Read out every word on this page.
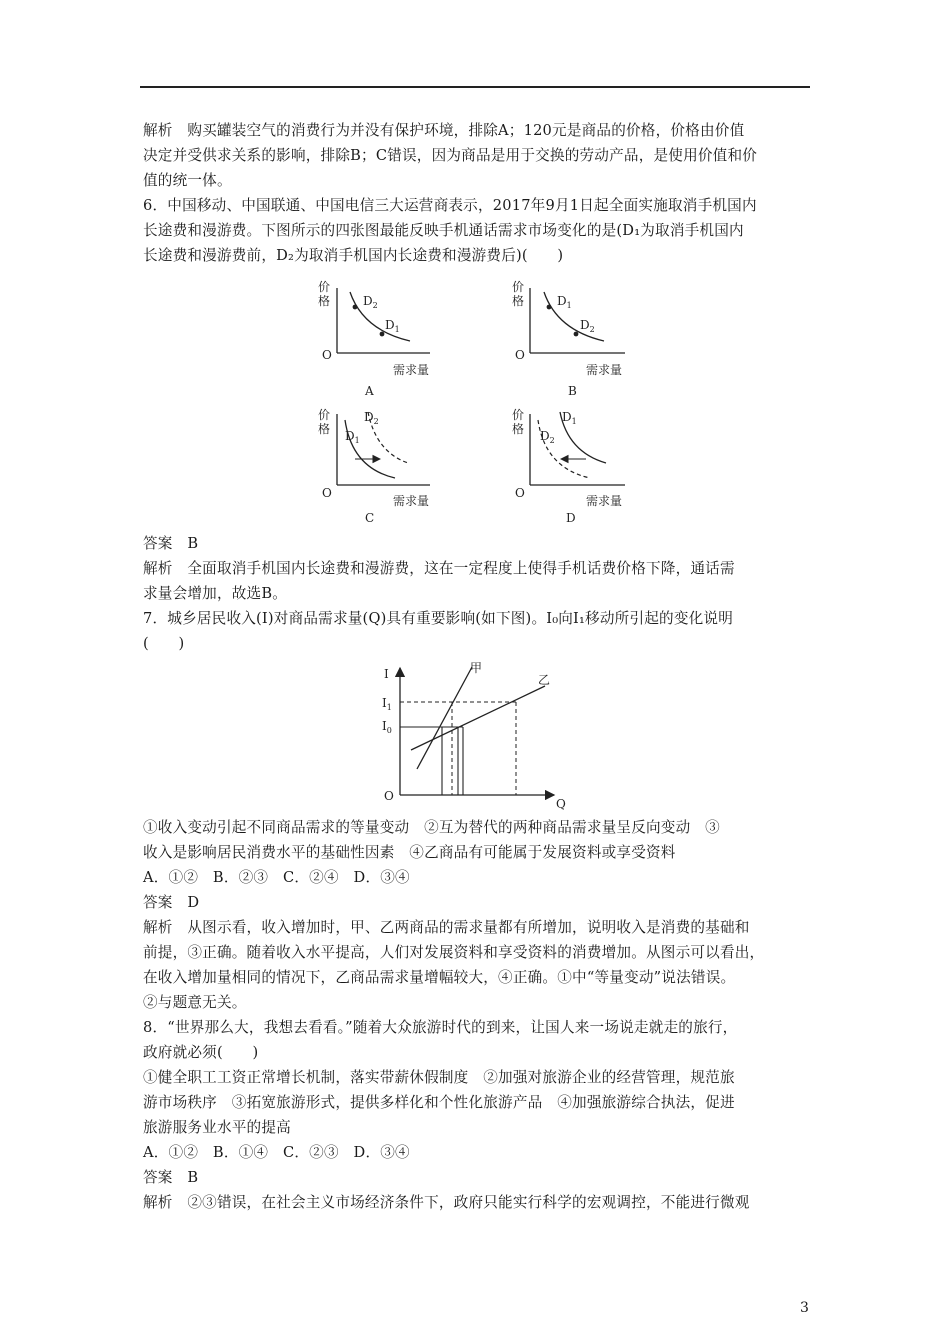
解析　购买罐装空气的消费行为并没有保护环境，排除A；120元是商品的价格，价格由价值
决定并受供求关系的影响，排除B；C错误，因为商品是用于交换的劳动产品，是使用价值和价
值的统一体。
6．中国移动、中国联通、中国电信三大运营商表示，2017年9月1日起全面实施取消手机国内
长途费和漫游费。下图所示的四张图最能反映手机通话需求市场变化的是(D₁为取消手机国内
长途费和漫游费前，D₂为取消手机国内长途费和漫游费后)(　　)
价
格
O
需求量
$D_2$
$D_1$
A
价
格
O
需求量
$D_1$
$D_2$
B
价
格
O
需求量
$D_1$
$D_2$
C
价
格
O
需求量
$D_1$
$D_2$
D
答案　B
解析　全面取消手机国内长途费和漫游费，这在一定程度上使得手机话费价格下降，通话需
求量会增加，故选B。
7．城乡居民收入(I)对商品需求量(Q)具有重要影响(如下图)。I₀向I₁移动所引起的变化说明
(　　)
I
Q
O
$I_1$
$I_0$
甲
乙
①收入变动引起不同商品需求的等量变动　②互为替代的两种商品需求量呈反向变动　③
收入是影响居民消费水平的基础性因素　④乙商品有可能属于发展资料或享受资料
A．①②　B．②③　C．②④　D．③④
答案　D
解析　从图示看，收入增加时，甲、乙两商品的需求量都有所增加，说明收入是消费的基础和
前提，③正确。随着收入水平提高，人们对发展资料和享受资料的消费增加。从图示可以看出，
在收入增加量相同的情况下，乙商品需求量增幅较大，④正确。①中“等量变动”说法错误。
②与题意无关。
8．“世界那么大，我想去看看。”随着大众旅游时代的到来，让国人来一场说走就走的旅行，
政府就必须(　　)
①健全职工工资正常增长机制，落实带薪休假制度　②加强对旅游企业的经营管理，规范旅
游市场秩序　③拓宽旅游形式，提供多样化和个性化旅游产品　④加强旅游综合执法，促进
旅游服务业水平的提高
A．①②　B．①④　C．②③　D．③④
答案　B
解析　②③错误，在社会主义市场经济条件下，政府只能实行科学的宏观调控，不能进行微观
3
